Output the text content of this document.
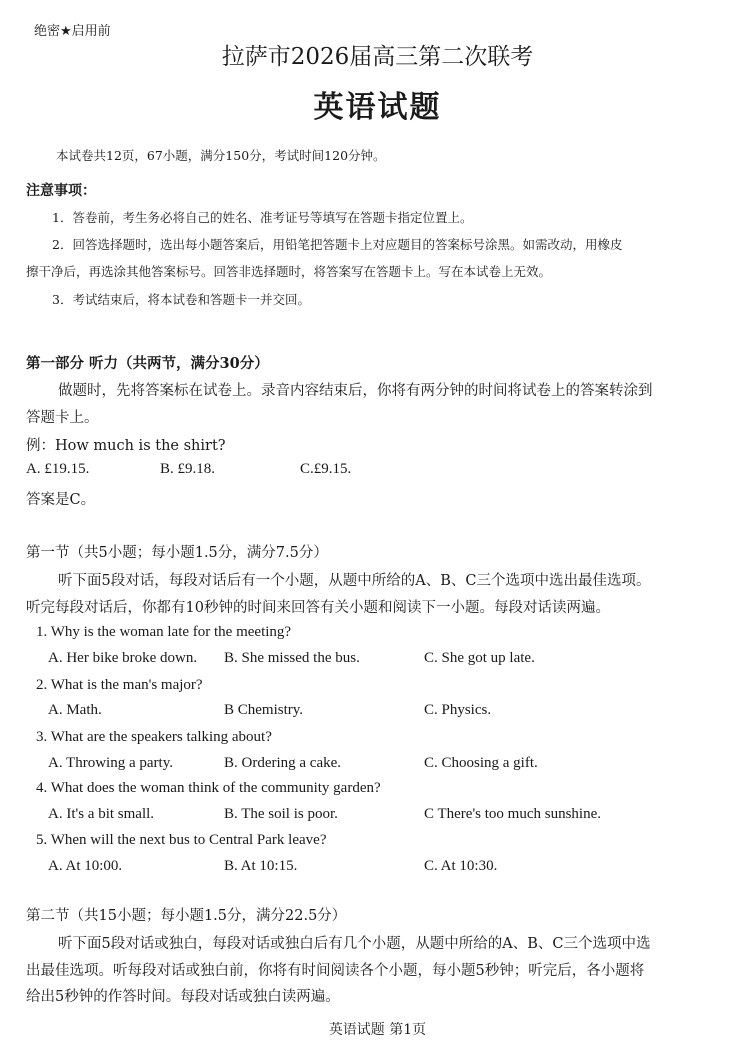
绝密★启用前
拉萨市2026届高三第二次联考
英语试题
本试卷共12页，67小题，满分150分，考试时间120分钟。
注意事项：
1．答卷前，考生务必将自己的姓名、准考证号等填写在答题卡指定位置上。
2．回答选择题时，选出每小题答案后，用铅笔把答题卡上对应题目的答案标号涂黑。如需改动，用橡皮
擦干净后，再选涂其他答案标号。回答非选择题时，将答案写在答题卡上。写在本试卷上无效。
3．考试结束后，将本试卷和答题卡一并交回。
第一部分 听力（共两节，满分30分）
做题时，先将答案标在试卷上。录音内容结束后，你将有两分钟的时间将试卷上的答案转涂到
答题卡上。
例：How much is the shirt?
A. £19.15.	B. £9.18.	C.£9.15.
答案是C。
第一节（共5小题；每小题1.5分，满分7.5分）
听下面5段对话，每段对话后有一个小题，从题中所给的A、B、C三个选项中选出最佳选项。
听完每段对话后，你都有10秒钟的时间来回答有关小题和阅读下一小题。每段对话读两遍。
1. Why is the woman late for the meeting?
A. Her bike broke down. B. She missed the bus.	C. She got up late.
2. What is the man's major?
A. Math.	B Chemistry.	C. Physics.
3. What are the speakers talking about?
A. Throwing a party.	B. Ordering a cake.	C. Choosing a gift.
4. What does the woman think of the community garden?
A. It's a bit small.	B. The soil is poor.	C There's too much sunshine.
5. When will the next bus to Central Park leave?
A. At 10:00.	B. At 10:15.	C. At 10:30.
第二节（共15小题；每小题1.5分，满分22.5分）
听下面5段对话或独白，每段对话或独白后有几个小题，从题中所给的A、B、C三个选项中选
出最佳选项。听每段对话或独白前，你将有时间阅读各个小题，每小题5秒钟；听完后，各小题将
给出5秒钟的作答时间。每段对话或独白读两遍。
英语试题 第1页
